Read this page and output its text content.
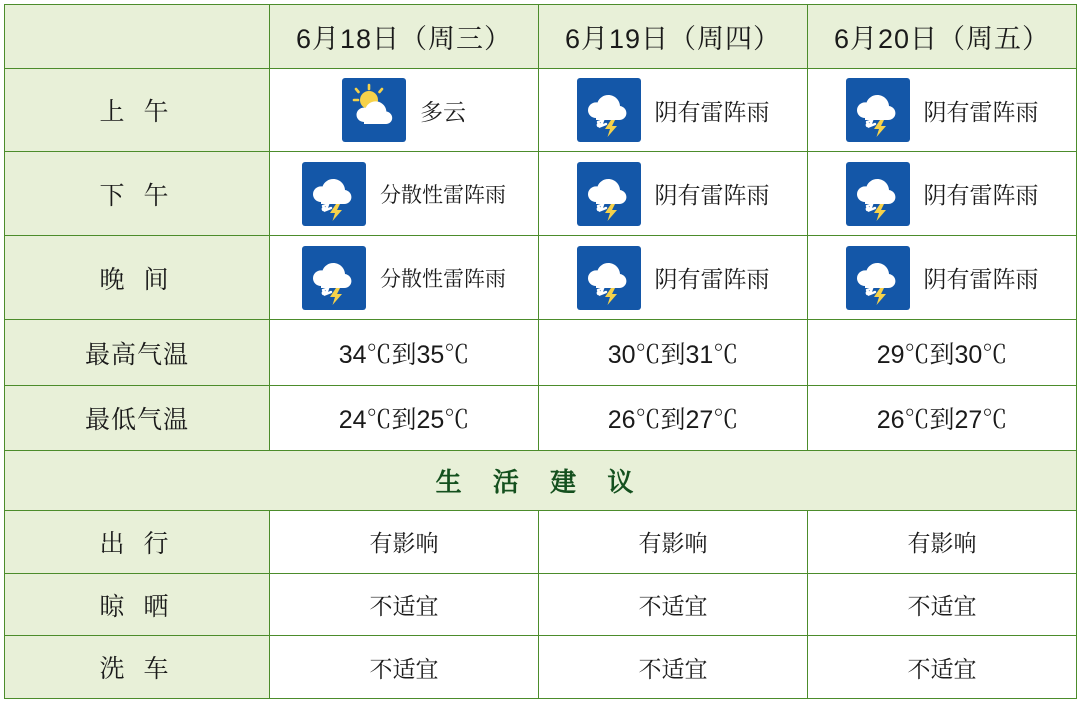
	6月18日（周三）	6月19日（周四）	6月20日（周五）
上 午	多云	阴有雷阵雨	阴有雷阵雨

下 午	分散性雷阵雨	阴有雷阵雨	阴有雷阵雨

晚 间	分散性雷阵雨	阴有雷阵雨	阴有雷阵雨

最高气温	34℃到35℃	30℃到31℃	29℃到30℃
最低气温	24℃到25℃	26℃到27℃	26℃到27℃
生 活 建 议			
出 行	有影响	有影响	有影响
晾 晒	不适宜	不适宜	不适宜
洗 车	不适宜	不适宜	不适宜
